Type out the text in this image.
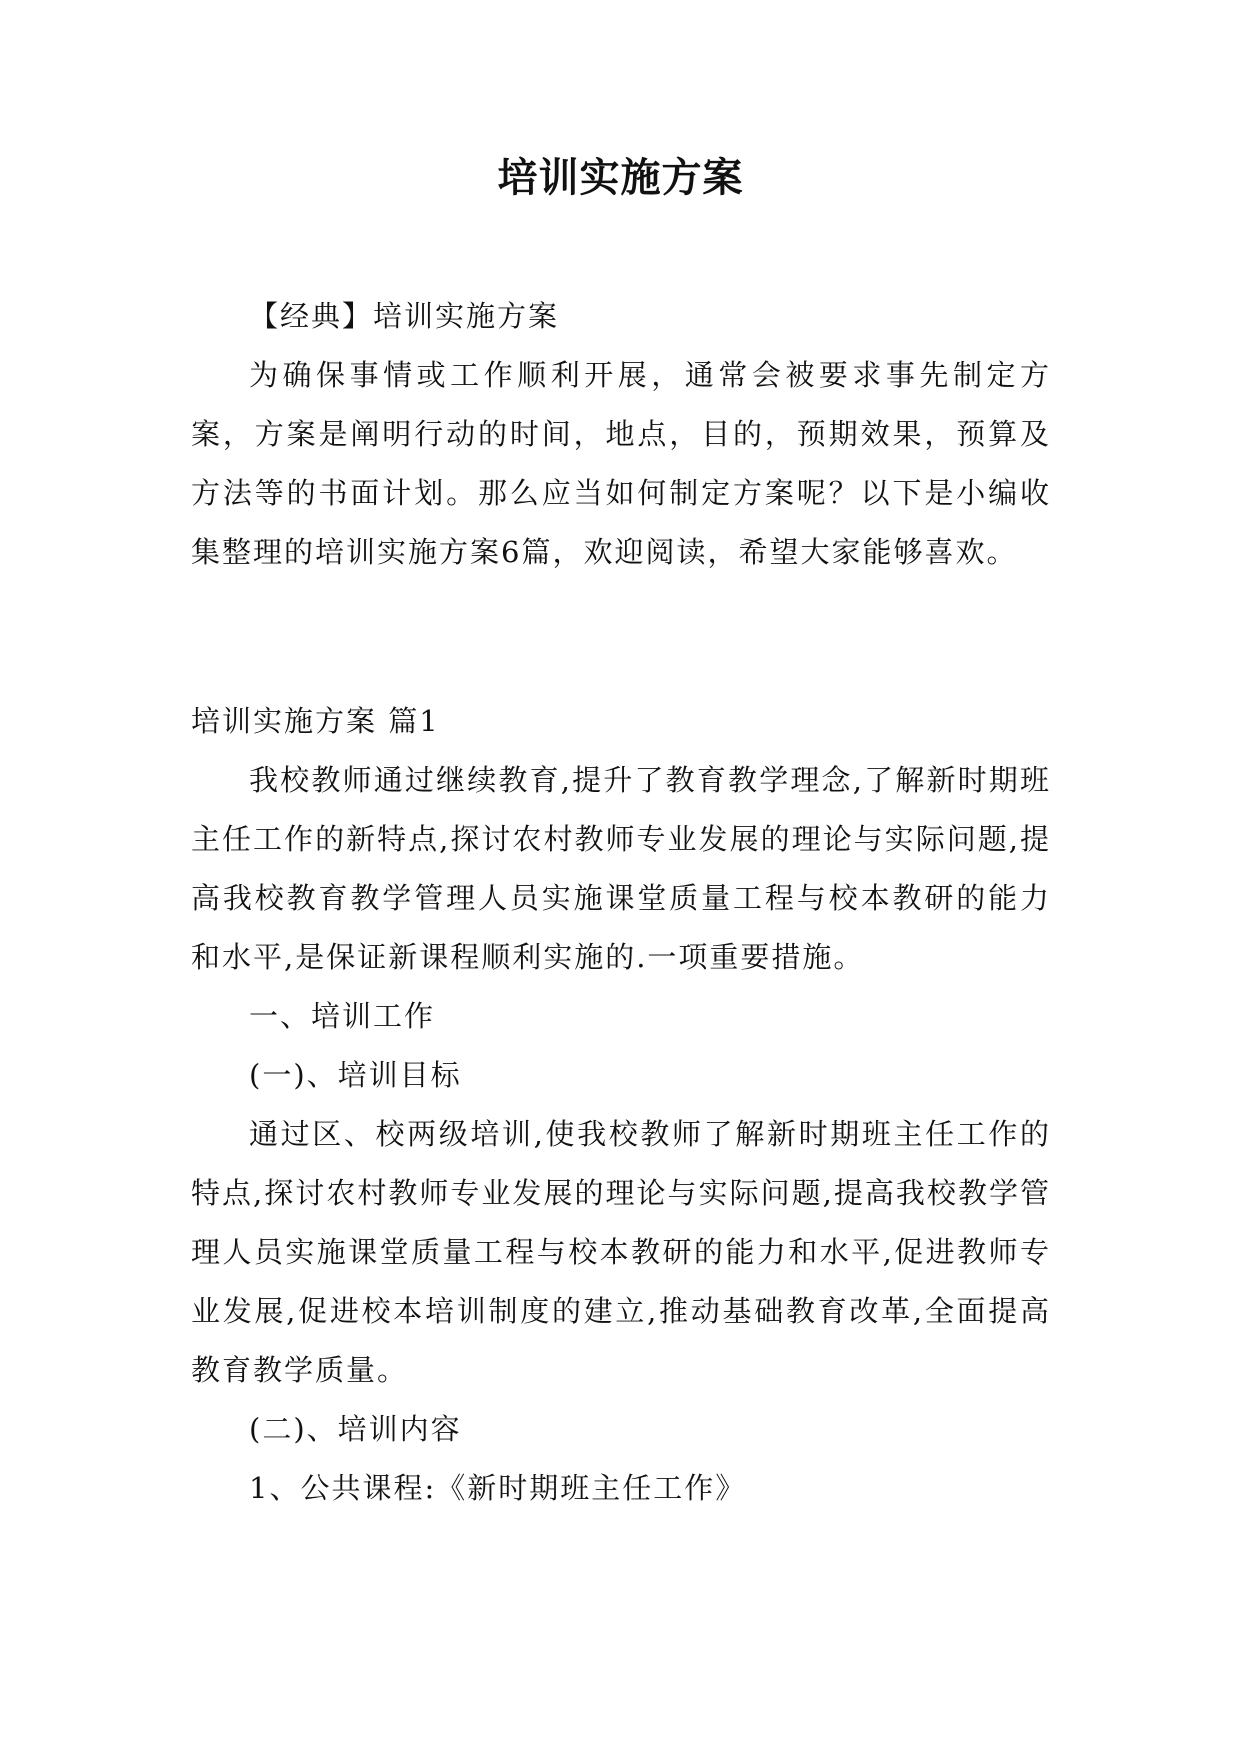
培训实施方案

【经典】培训实施方案

为确保事情或工作顺利开展，通常会被要求事先制定方案，方案是阐明行动的时间，地点，目的，预期效果，预算及方法等的书面计划。那么应当如何制定方案呢？以下是小编收集整理的培训实施方案6篇，欢迎阅读，希望大家能够喜欢。

培训实施方案 篇1

我校教师通过继续教育,提升了教育教学理念,了解新时期班主任工作的新特点,探讨农村教师专业发展的理论与实际问题,提高我校教育教学管理人员实施课堂质量工程与校本教研的能力和水平,是保证新课程顺利实施的.一项重要措施。

一、培训工作

(一)、培训目标

通过区、校两级培训,使我校教师了解新时期班主任工作的特点,探讨农村教师专业发展的理论与实际问题,提高我校教学管理人员实施课堂质量工程与校本教研的能力和水平,促进教师专业发展,促进校本培训制度的建立,推动基础教育改革,全面提高教育教学质量。

(二)、培训内容

1、公共课程:《新时期班主任工作》
